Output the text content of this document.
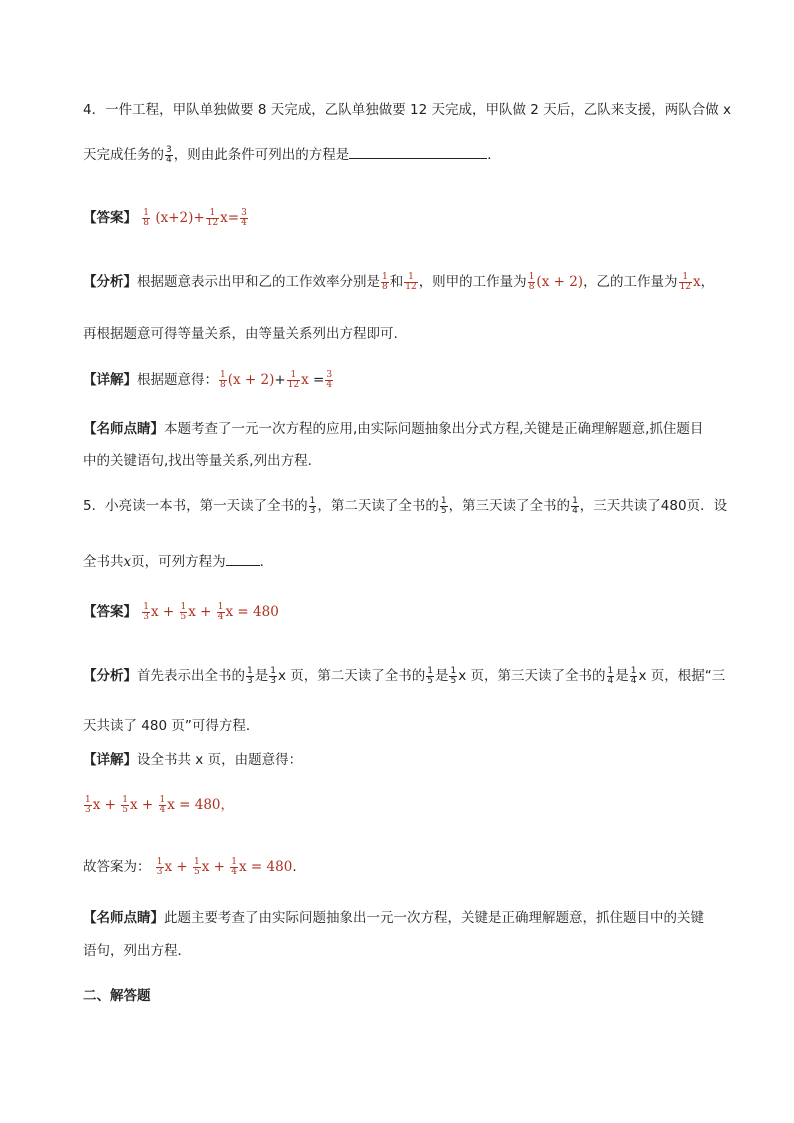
4．一件工程，甲队单独做要 8 天完成，乙队单独做要 12 天完成，甲队做 2 天后，乙队来支援，两队合做 x
天完成任务的 $\frac{3}{4}$ ，则由此条件可列出的方程是	．
【答案】 $\frac{1}{8} (x+2)+ \frac{1}{12} x= \frac{3}{4}$
【分析】根据题意表示出甲和乙的工作效率分别是 $\frac{1}{8}$ 和 $\frac{1}{12}$ ，则甲的工作量为 $\frac{1}{8} (x + 2)$，乙的工作量为 $\frac{1}{12}$ x，
再根据题意可得等量关系，由等量关系列出方程即可.
【详解】根据题意得： $\frac{1}{8} (x + 2)+ \frac{1}{12}$ $x = \frac{3}{4}$
【名师点睛】本题考查了一元一次方程的应用,由实际问题抽象出分式方程,关键是正确理解题意,抓住题目
中的关键语句,找出等量关系,列出方程.
5．小亮读一本书，第一天读了全书的 $\frac{1}{3}$ ，第二天读了全书的 $\frac{1}{5}$ ，第三天读了全书的 $\frac{1}{4}$ ，三天共读了480页．设
全书共x页，可列方程为	．
【答案】 $\frac{1}{3}$ $x + \frac{1}{5}$ $x + \frac{1}{4}$ x = 480
【分析】首先表示出全书的 $\frac{1}{3}$ 是 $\frac{1}{3}$ x 页，第二天读了全书的 $\frac{1}{5}$ 是 $\frac{1}{5}$ x 页，第三天读了全书的 $\frac{1}{4}$ 是 $\frac{1}{4}$ x 页，根据“三
天共读了 480 页”可得方程．
【详解】设全书共 x 页，由题意得：
$\frac{1}{3}$ $x + \frac{1}{5}$ $x + \frac{1}{4}$ x = 480，
故答案为： $\frac{1}{3}$ $x + \frac{1}{5}$ $x + \frac{1}{4}$ x = 480.
【名师点睛】此题主要考查了由实际问题抽象出一元一次方程，关键是正确理解题意，抓住题目中的关键
语句，列出方程．
二、解答题
